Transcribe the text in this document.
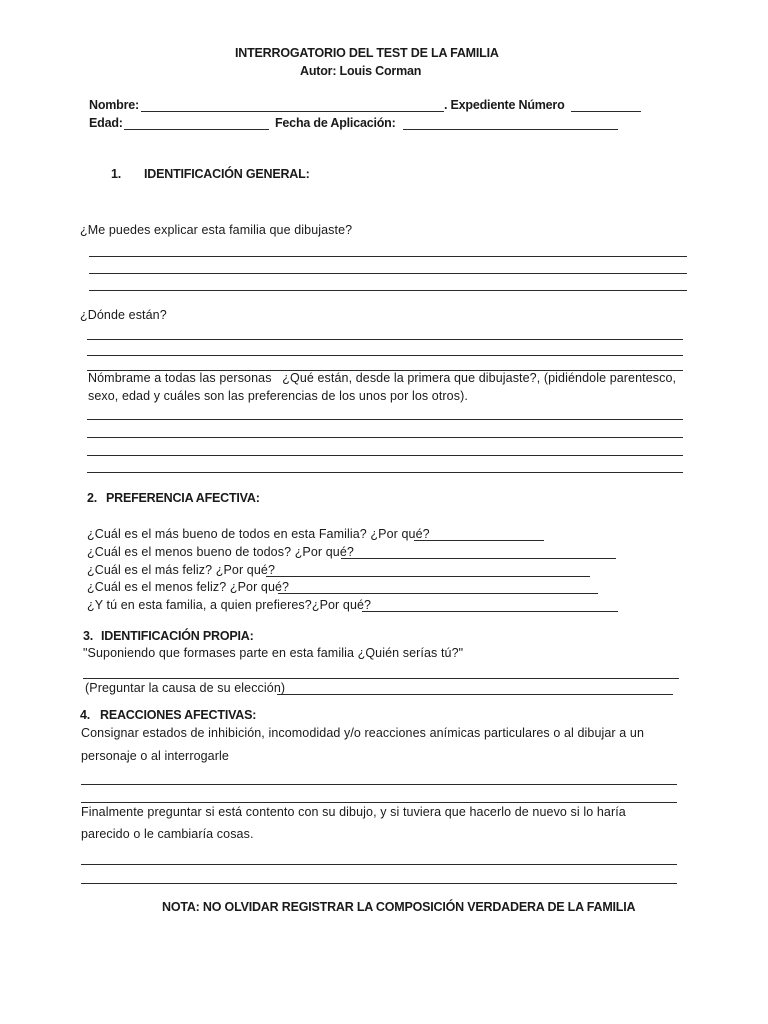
INTERROGATORIO DEL TEST DE LA FAMILIA
Autor: Louis Corman
Nombre:	. Expediente Número
Edad:	Fecha de Aplicación:
1. IDENTIFICACIÓN GENERAL:
¿Me puedes explicar esta familia que dibujaste?
¿Dónde están?
Nómbrame a todas las personas   ¿Qué están, desde la primera que dibujaste?, (pidiéndole parentesco,
sexo, edad y cuáles son las preferencias de los unos por los otros).
2. PREFERENCIA AFECTIVA:
¿Cuál es el más bueno de todos en esta Familia? ¿Por qué?
¿Cuál es el menos bueno de todos? ¿Por qué?
¿Cuál es el más feliz? ¿Por qué?
¿Cuál es el menos feliz? ¿Por qué?
¿Y tú en esta familia, a quien prefieres?¿Por qué?
3. IDENTIFICACIÓN PROPIA:
"Suponiendo que formases parte en esta familia ¿Quién serías tú?"
(Preguntar la causa de su elección)
4. REACCIONES AFECTIVAS:
Consignar estados de inhibición, incomodidad y/o reacciones anímicas particulares o al dibujar a un
personaje o al interrogarle
Finalmente preguntar si está contento con su dibujo, y si tuviera que hacerlo de nuevo si lo haría
parecido o le cambiaría cosas.
NOTA: NO OLVIDAR REGISTRAR LA COMPOSICIÓN VERDADERA DE LA FAMILIA
